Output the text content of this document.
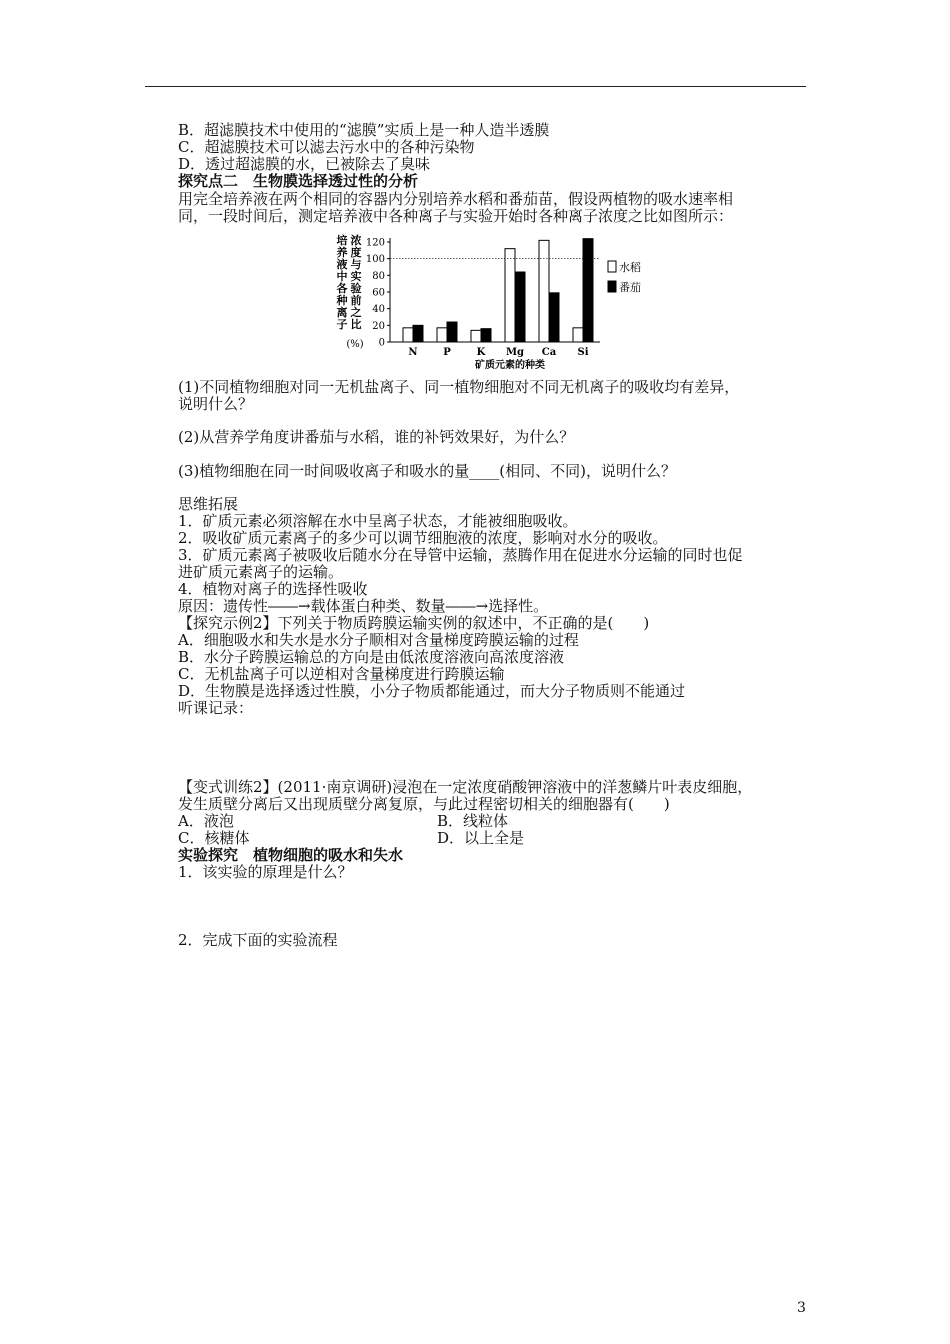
B．超滤膜技术中使用的“滤膜”实质上是一种人造半透膜
C．超滤膜技术可以滤去污水中的各种污染物
D．透过超滤膜的水，已被除去了臭味
探究点二　生物膜选择透过性的分析
用完全培养液在两个相同的容器内分别培养水稻和番茄苗，假设两植物的吸水速率相
同，一段时间后，测定培养液中各种离子与实验开始时各种离子浓度之比如图所示：
培
养
液
中
各
种
离
子
浓
度
与
实
验
前
之
比
(%) 0
20
40
60
80
100
120
N	P	K Mg Ca Si
水稻
番茄
矿质元素的种类
(1)不同植物细胞对同一无机盐离子、同一植物细胞对不同无机离子的吸收均有差异，
说明什么？
(2)从营养学角度讲番茄与水稻，谁的补钙效果好，为什么？
(3)植物细胞在同一时间吸收离子和吸水的量____(相同、不同)，说明什么？
思维拓展
1．矿质元素必须溶解在水中呈离子状态，才能被细胞吸收。
2．吸收矿质元素离子的多少可以调节细胞液的浓度，影响对水分的吸收。
3．矿质元素离子被吸收后随水分在导管中运输，蒸腾作用在促进水分运输的同时也促
进矿质元素离子的运输。
4．植物对离子的选择性吸收
原因：遗传性――→载体蛋白种类、数量――→选择性。
【探究示例2】下列关于物质跨膜运输实例的叙述中，不正确的是(　　)
A．细胞吸水和失水是水分子顺相对含量梯度跨膜运输的过程
B．水分子跨膜运输总的方向是由低浓度溶液向高浓度溶液
C．无机盐离子可以逆相对含量梯度进行跨膜运输
D．生物膜是选择透过性膜，小分子物质都能通过，而大分子物质则不能通过
听课记录：
【变式训练2】(2011·南京调研)浸泡在一定浓度硝酸钾溶液中的洋葱鳞片叶表皮细胞，
发生质壁分离后又出现质壁分离复原，与此过程密切相关的细胞器有(　　)
A．液泡	B．线粒体
C．核糖体	D．以上全是
实验探究　植物细胞的吸水和失水
1．该实验的原理是什么？
2．完成下面的实验流程
3
